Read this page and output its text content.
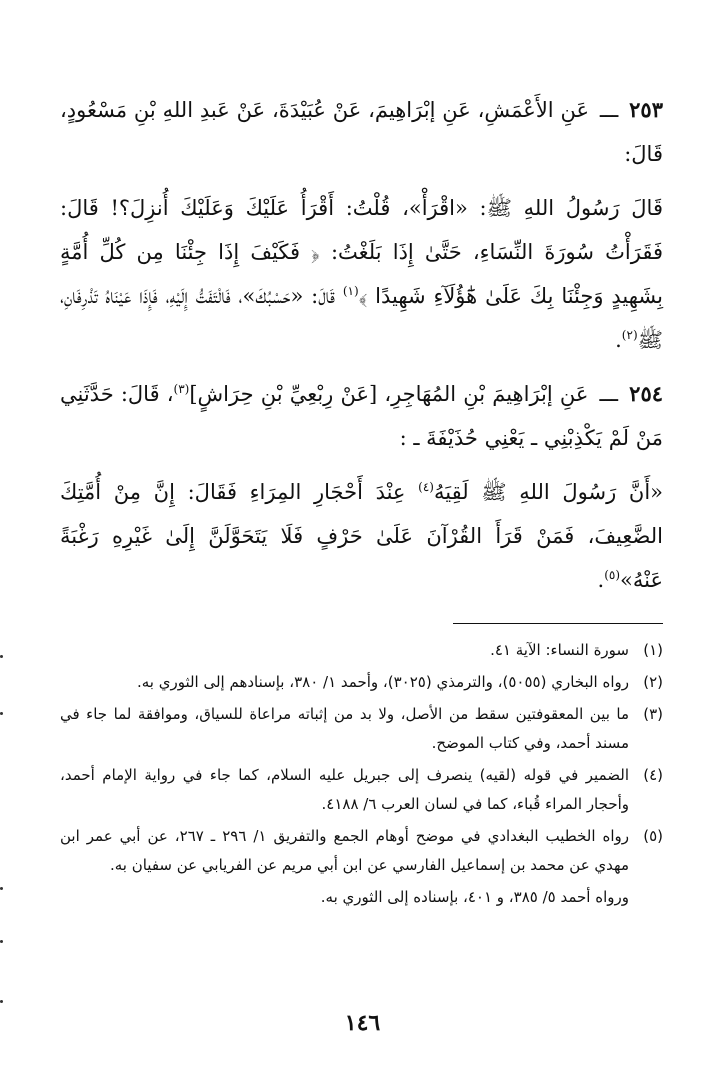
٢٥٣ ـــ عَنِ الأَعْمَشِ، عَنِ إبْرَاهِيمَ، عَنْ عُبَيْدَةَ، عَنْ عَبدِ اللهِ بْنِ مَسْعُودٍ، قَالَ:

قَالَ رَسُولُ اللهِ ﷺ: «اقْرَأْ»، قُلْتُ: أَقْرَأُ عَلَيْكَ وَعَلَيْكَ أُنزِلَ؟! قَالَ: فَقَرَأْتُ سُورَةَ النِّسَاءِ، حَتَّىٰ إِذَا بَلَغْتُ: ﴿ فَكَيْفَ إِذَا جِئْنَا مِن كُلِّ أُمَّةٍ بِشَهِيدٍ وَجِئْنَا بِكَ عَلَىٰ هَٰٓؤُلَآءِ شَهِيدًا ﴾$^{(١)}$ قَالَ: «حَسْبُكَ»، فَالْتَفَتُّ إِلَيْهِ، فَإِذَا عَيْنَاهُ تَذْرِفَانِ، ﷺ$^{(٢)}$.

٢٥٤ ـــ عَنِ إبْرَاهِيمَ بْنِ المُهَاجِرِ، [عَنْ رِبْعِيِّ بْنِ حِرَاشٍ]$^{(٣)}$، قَالَ: حَدَّثَنِي مَنْ لَمْ يَكْذِبْنِي ـ يَعْنِي حُذَيْفَةَ ـ :

«أَنَّ رَسُولَ اللهِ ﷺ لَقِيَهُ$^{(٤)}$ عِنْدَ أَحْجَارِ المِرَاءِ فَقَالَ: إِنَّ مِنْ أُمَّتِكَ الضَّعِيفَ، فَمَنْ قَرَأَ القُرْآنَ عَلَىٰ حَرْفٍ فَلَا يَتَحَوَّلَنَّ إِلَىٰ غَيْرِهِ رَغْبَةً عَنْهُ»$^{(٥)}$.

(١)
سورة النساء: الآية ٤١.
(٢)
رواه البخاري (٥٠٥٥)، والترمذي (٣٠٢٥)، وأحمد ١/ ٣٨٠، بإسنادهم إلى الثوري به.
(٣)
ما بين المعقوفتين سقط من الأصل، ولا بد من إثباته مراعاة للسياق، وموافقة لما جاء في مسند أحمد، وفي كتاب الموضح.
(٤)
الضمير في قوله (لقيه) ينصرف إلى جبريل عليه السلام، كما جاء في رواية الإمام أحمد، وأحجار المراء قُباء، كما في لسان العرب ٦/ ٤١٨٨.
(٥)
رواه الخطيب البغدادي في موضح أوهام الجمع والتفريق ١/ ٢٩٦ ـ ٢٦٧، عن أبي عمر ابن مهدي عن محمد بن إسماعيل الفارسي عن ابن أبي مريم عن الفريابي عن سفيان به.
ورواه أحمد ٥/ ٣٨٥، و ٤٠١، بإسناده إلى الثوري به.
١٤٦
